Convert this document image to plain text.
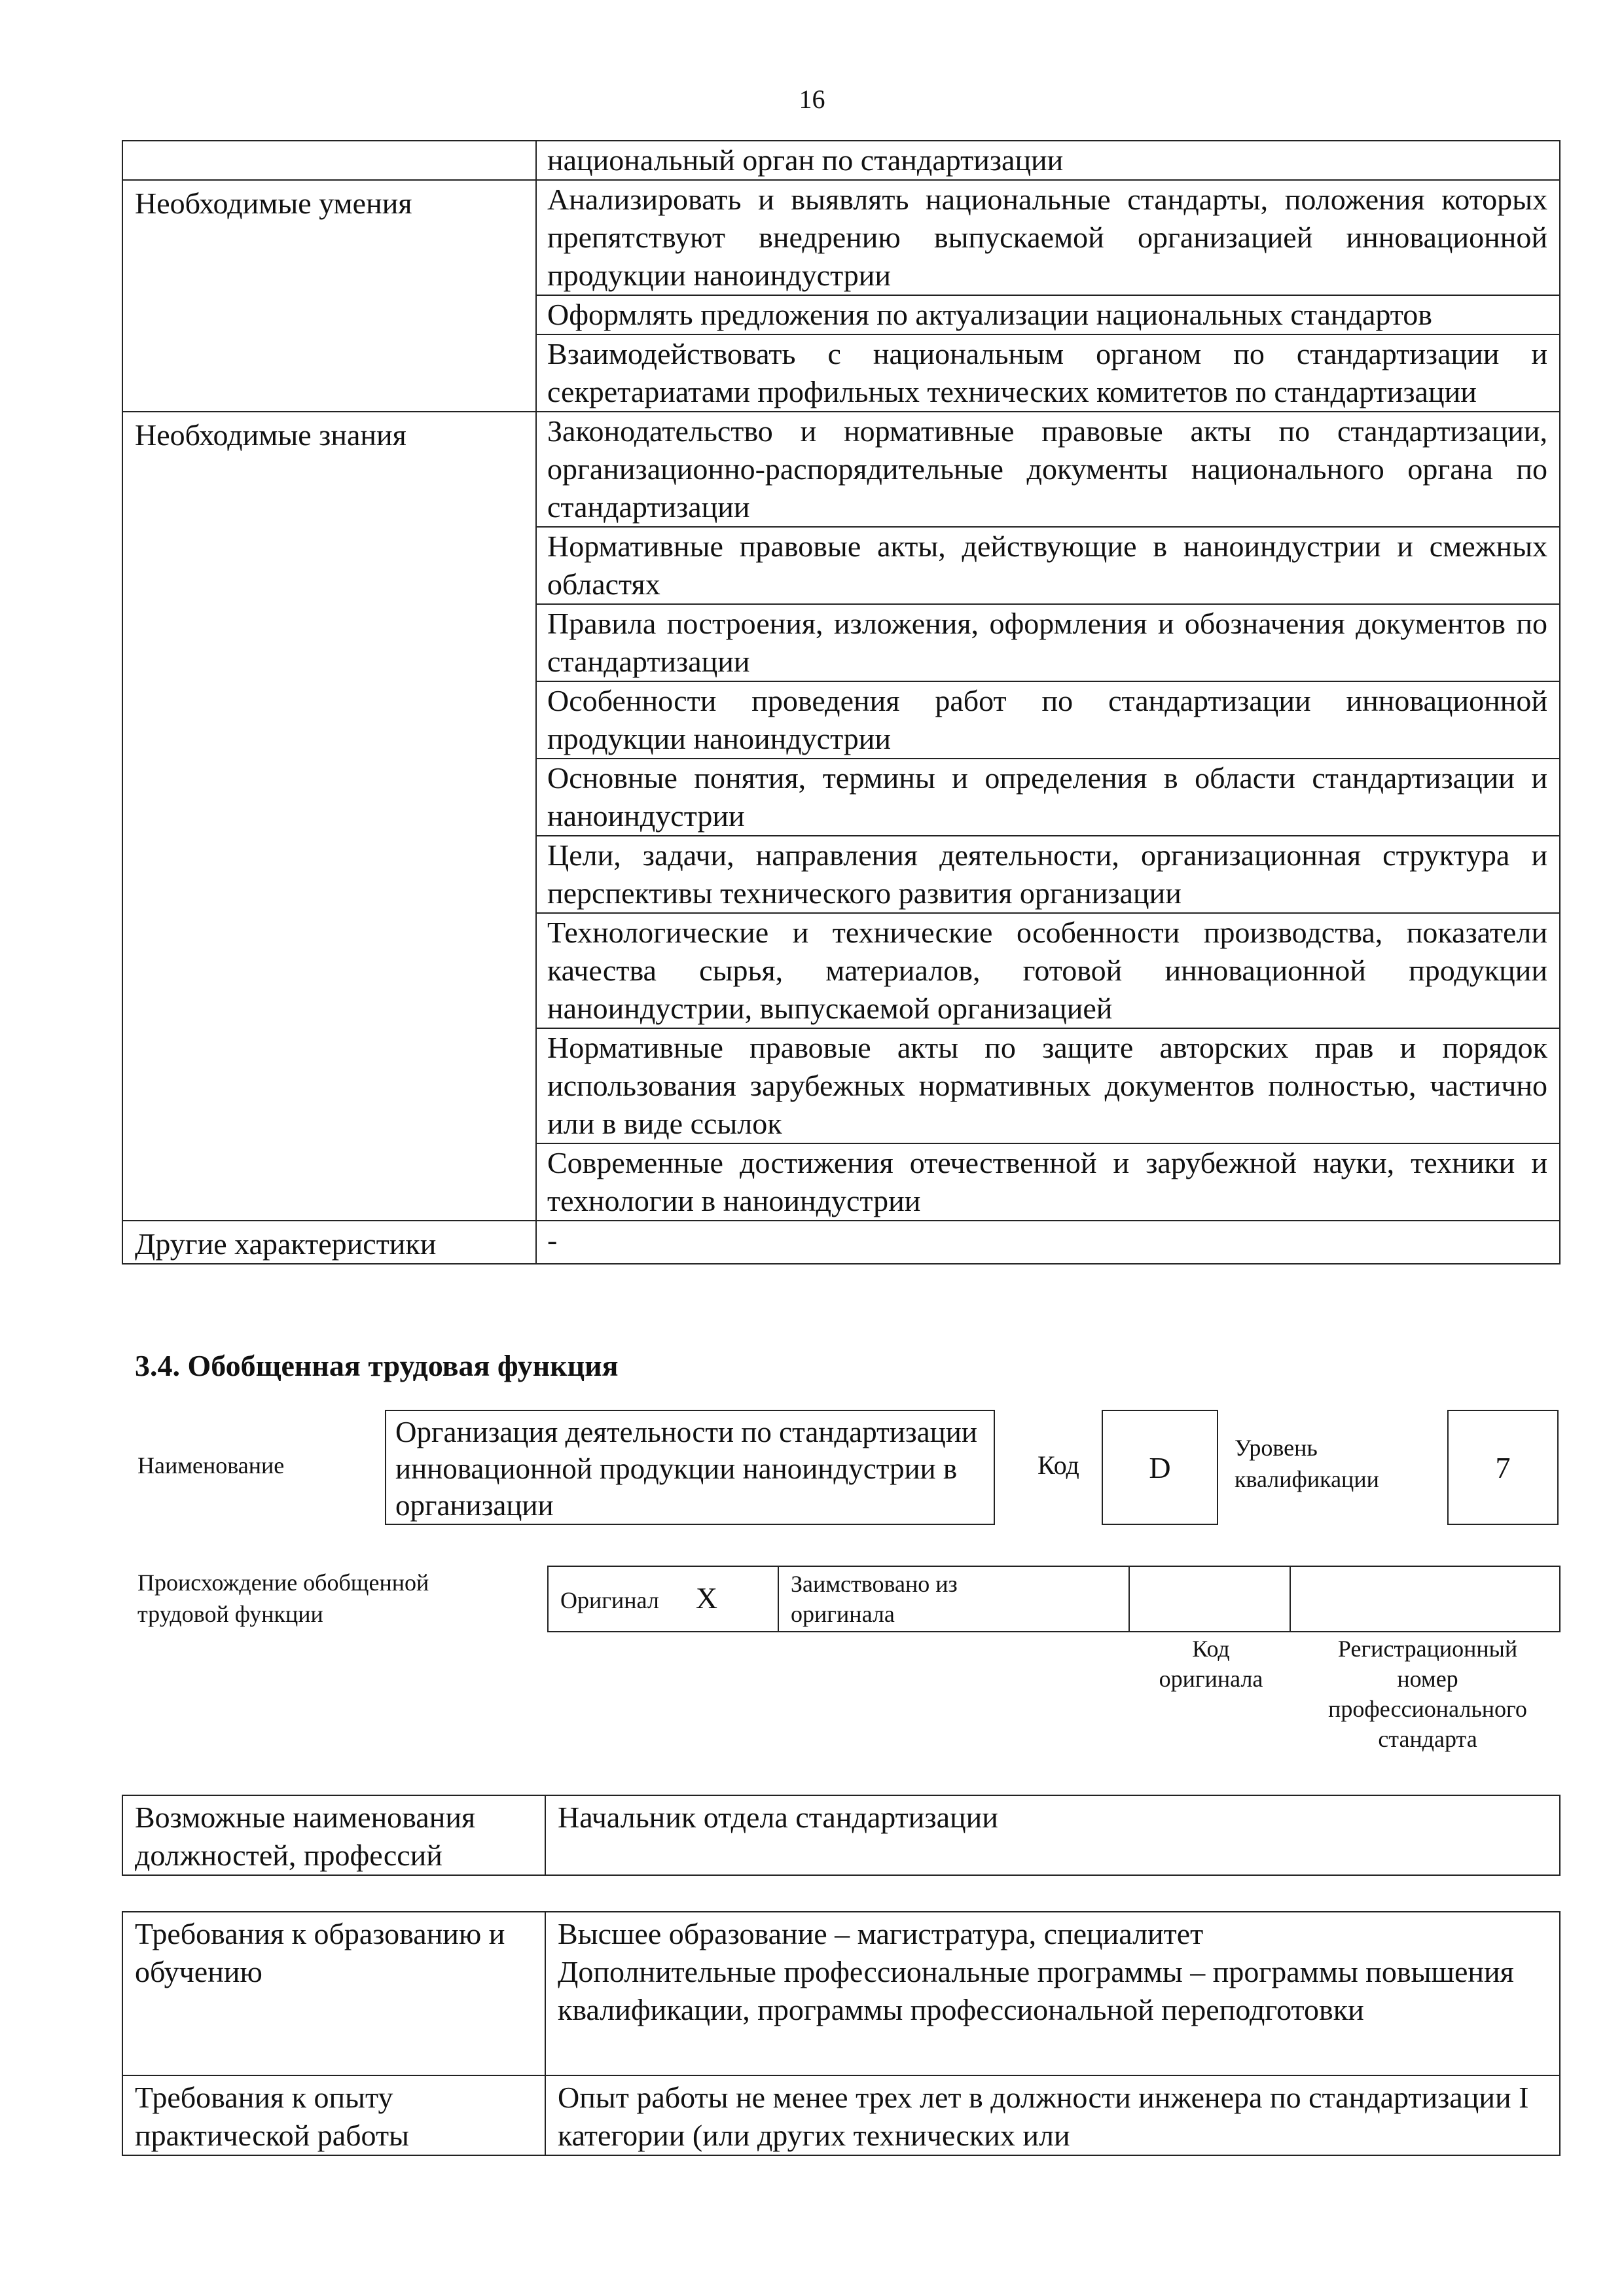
16
	национальный орган по стандартизации
Необходимые умения	Анализировать и выявлять национальные стандарты, положения которых препятствуют внедрению выпускаемой организацией инновационной продукции наноиндустрии

	Оформлять предложения по актуализации национальных стандартов

	Взаимодействовать с национальным органом по стандартизации и секретариатами профильных технических комитетов по стандартизации

Необходимые знания	Законодательство и нормативные правовые акты по стандартизации, организационно-распорядительные документы национального органа по стандартизации

	Нормативные правовые акты, действующие в наноиндустрии и смежных областях

	Правила построения, изложения, оформления и обозначения документов по стандартизации

	Особенности проведения работ по стандартизации инновационной продукции наноиндустрии

	Основные понятия, термины и определения в области стандартизации и наноиндустрии

	Цели, задачи, направления деятельности, организационная структура и перспективы технического развития организации

	Технологические и технические особенности производства, показатели качества сырья, материалов, готовой инновационной продукции наноиндустрии, выпускаемой организацией

	Нормативные правовые акты по защите авторских прав и порядок использования зарубежных нормативных документов полностью, частично или в виде ссылок

	Современные достижения отечественной и зарубежной науки, техники и технологии в наноиндустрии

Другие характеристики	-
3.4. Обобщенная трудовая функция
Наименование
Организация деятельности по стандартизации инновационной продукции наноиндустрии в организации
Код	D
Уровень квалификации	7
Происхождение обобщенной трудовой функции
Оригинал X	Заимствовано из оригинала		
Код оригинала
Регистрационный номер профессионального стандарта
Возможные наименования должностей, профессий	Начальник отдела стандартизации
Требования к образованию и обучению	Высшее образование – магистратура, специалитет
Дополнительные профессиональные программы – программы повышения квалификации, программы профессиональной переподготовки

Требования к опыту практической работы	Опыт работы не менее трех лет в должности инженера по стандартизации I категории (или других технических или
